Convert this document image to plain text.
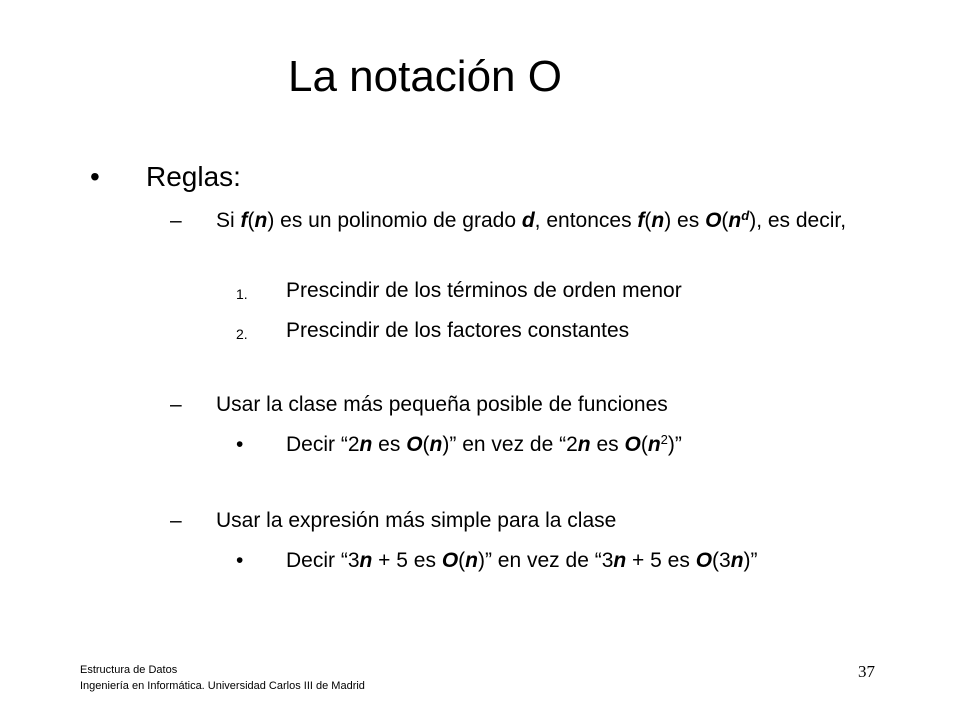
La notación O
• Reglas:
– Si f(n) es un polinomio de grado d, entonces f(n) es $O(n^d)$, es decir,
1. Prescindir de los términos de orden menor
2. Prescindir de los factores constantes
– Usar la clase más pequeña posible de funciones
• Decir “2n es O(n)” en vez de “2n es $O(n^2)$”
– Usar la expresión más simple para la clase
• Decir “3n + 5 es O(n)” en vez de “3n + 5 es O(3n)”
Estructura de Datos
Ingeniería en Informática. Universidad Carlos III de Madrid
37
